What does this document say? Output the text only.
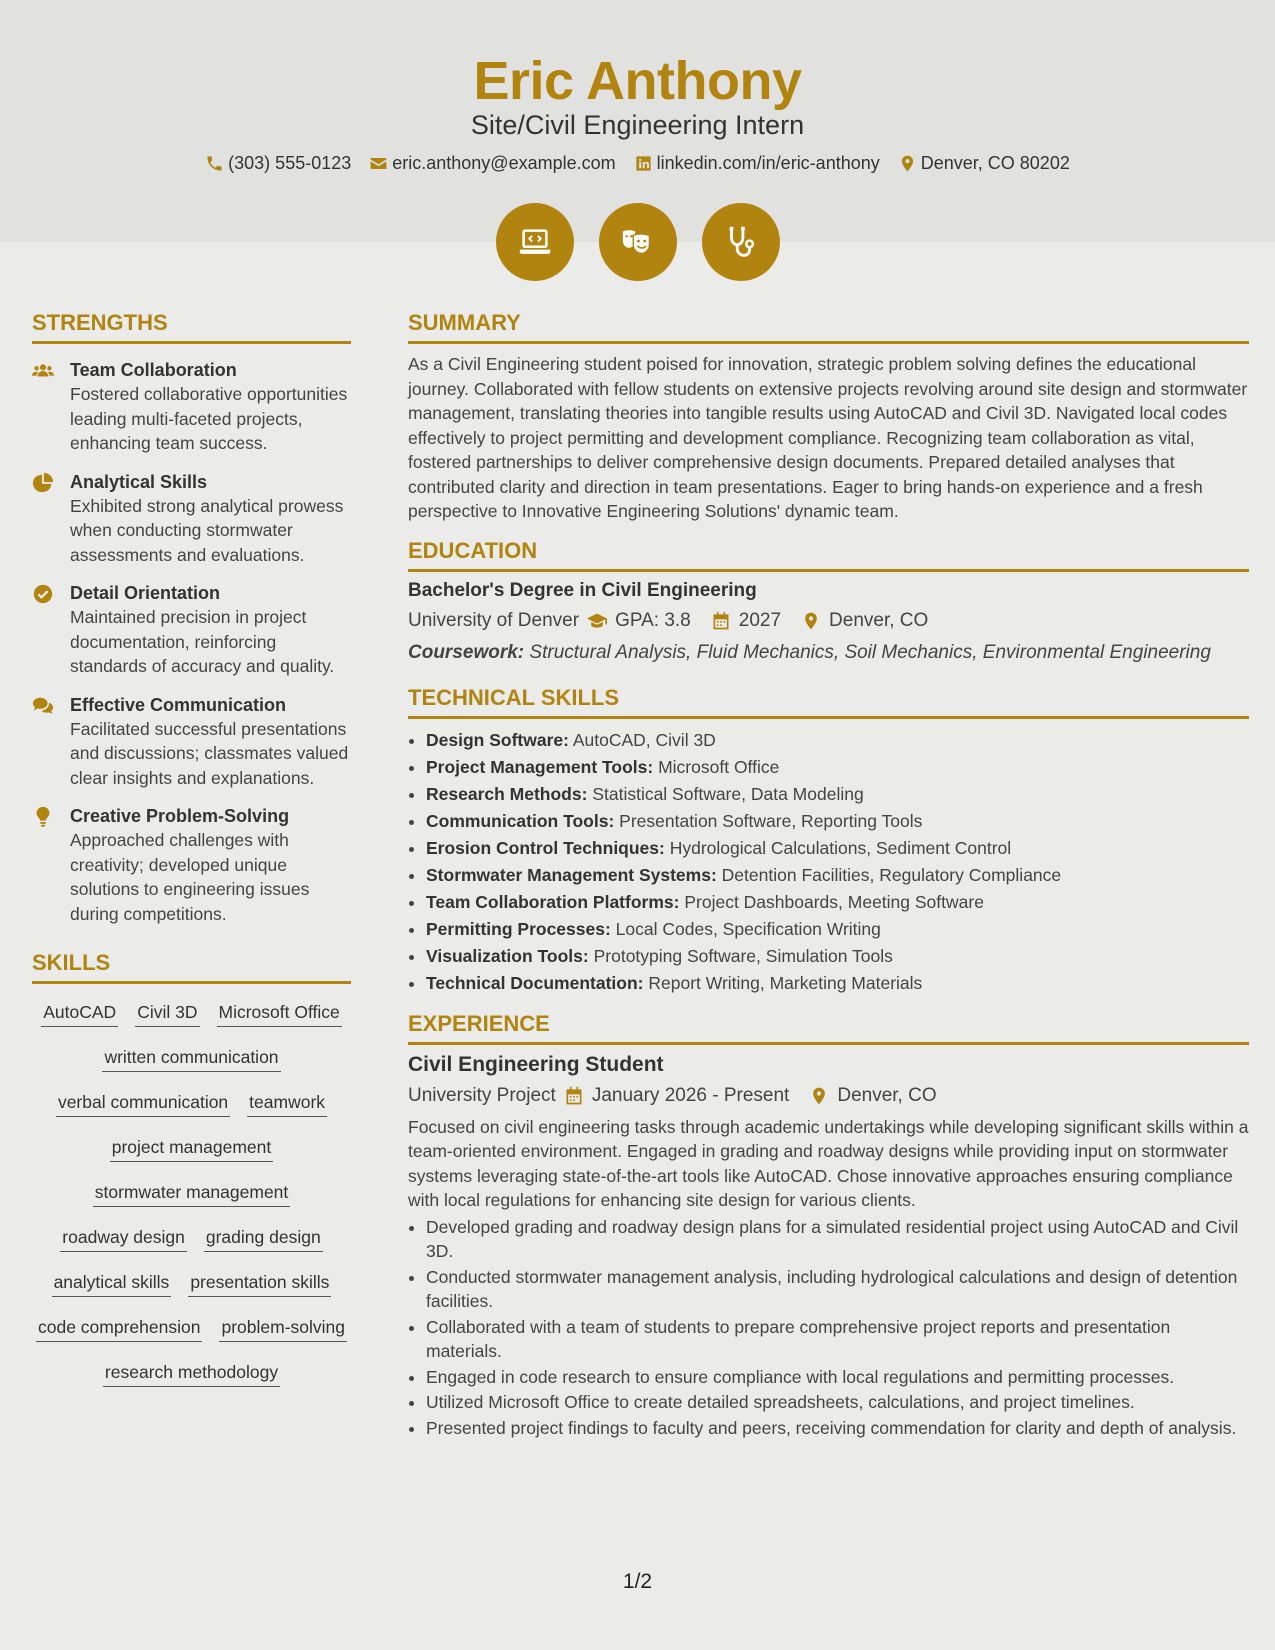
Eric Anthony
Site/Civil Engineering Intern
(303) 555-0123 eric.anthony@example.com linkedin.com/in/eric-anthony Denver, CO 80202
STRENGTHS
Team Collaboration
Fostered collaborative opportunities leading multi-faceted projects, enhancing team success.
Analytical Skills
Exhibited strong analytical prowess when conducting stormwater assessments and evaluations.
Detail Orientation
Maintained precision in project documentation, reinforcing standards of accuracy and quality.
Effective Communication
Facilitated successful presentations and discussions; classmates valued clear insights and explanations.
Creative Problem-Solving
Approached challenges with creativity; developed unique solutions to engineering issues during competitions.
SKILLS
AutoCAD Civil 3D Microsoft Office
written communication
verbal communication teamwork
project management
stormwater management
roadway design grading design
analytical skills presentation skills
code comprehension problem-solving
research methodology
SUMMARY
As a Civil Engineering student poised for innovation, strategic problem solving defines the educational journey. Collaborated with fellow students on extensive projects revolving around site design and stormwater management, translating theories into tangible results using AutoCAD and Civil 3D. Navigated local codes effectively to project permitting and development compliance. Recognizing team collaboration as vital, fostered partnerships to deliver comprehensive design documents. Prepared detailed analyses that contributed clarity and direction in team presentations. Eager to bring hands-on experience and a fresh perspective to Innovative Engineering Solutions' dynamic team.
EDUCATION
Bachelor's Degree in Civil Engineering
University of Denver GPA: 3.8	2027	Denver, CO
Coursework: Structural Analysis, Fluid Mechanics, Soil Mechanics, Environmental Engineering
TECHNICAL SKILLS
• Design Software: AutoCAD, Civil 3D
• Project Management Tools: Microsoft Office
• Research Methods: Statistical Software, Data Modeling
• Communication Tools: Presentation Software, Reporting Tools
• Erosion Control Techniques: Hydrological Calculations, Sediment Control
• Stormwater Management Systems: Detention Facilities, Regulatory Compliance
• Team Collaboration Platforms: Project Dashboards, Meeting Software
• Permitting Processes: Local Codes, Specification Writing
• Visualization Tools: Prototyping Software, Simulation Tools
• Technical Documentation: Report Writing, Marketing Materials
EXPERIENCE
Civil Engineering Student
University Project January 2026 - Present	Denver, CO
Focused on civil engineering tasks through academic undertakings while developing significant skills within a team-oriented environment. Engaged in grading and roadway designs while providing input on stormwater systems leveraging state-of-the-art tools like AutoCAD. Chose innovative approaches ensuring compliance with local regulations for enhancing site design for various clients.
• Developed grading and roadway design plans for a simulated residential project using AutoCAD and Civil 3D.
• Conducted stormwater management analysis, including hydrological calculations and design of detention facilities.
• Collaborated with a team of students to prepare comprehensive project reports and presentation materials.
• Engaged in code research to ensure compliance with local regulations and permitting processes.
• Utilized Microsoft Office to create detailed spreadsheets, calculations, and project timelines.
• Presented project findings to faculty and peers, receiving commendation for clarity and depth of analysis.
1/2
